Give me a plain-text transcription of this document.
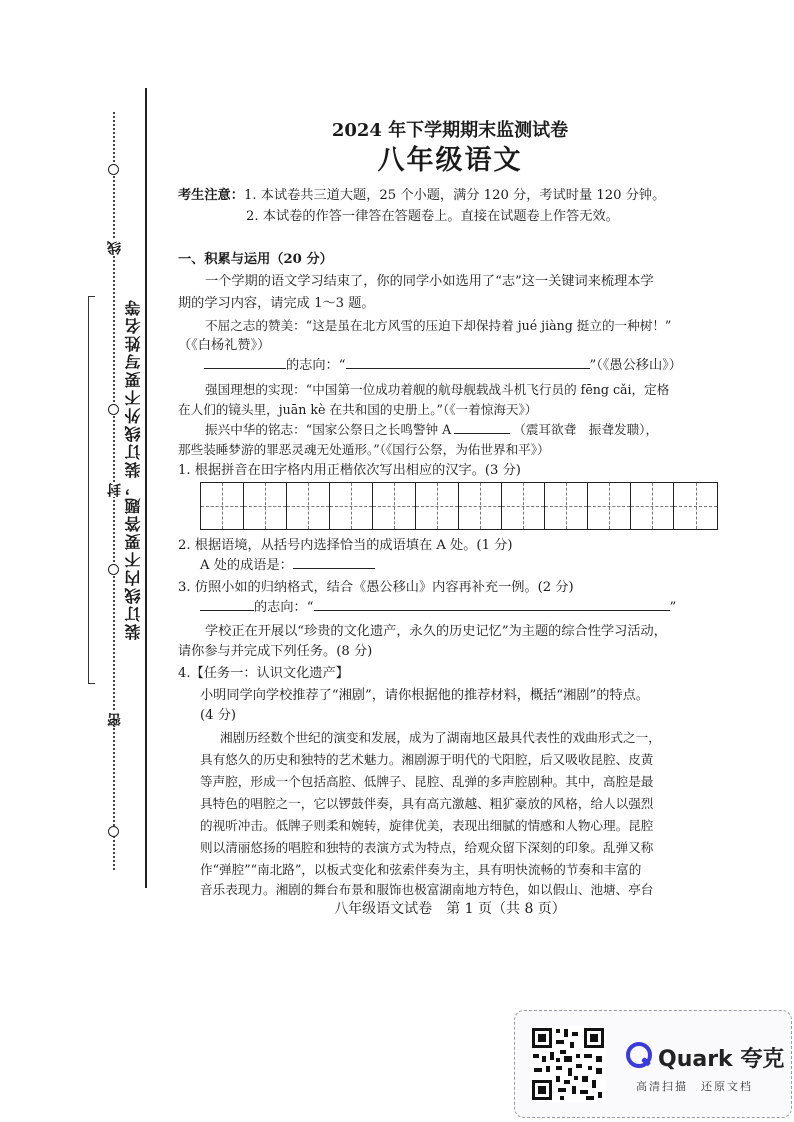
线
封
密
装订线内不要答题，装订线外不要写姓名等
2024 年下学期期末监测试卷
八年级语文
考生注意：1. 本试卷共三道大题，25 个小题，满分 120 分，考试时量 120 分钟。
2. 本试卷的作答一律答在答题卷上。直接在试题卷上作答无效。
一、积累与运用（20 分）
一个学期的语文学习结束了，你的同学小如选用了“志”这一关键词来梳理本学
期的学习内容，请完成 1～3 题。
不屈之志的赞美：“这是虽在北方风雪的压迫下却保持着 jué jiàng 挺立的一种树！”
（《白杨礼赞》）
的志向：“	”（《愚公移山》）
强国理想的实现：“中国第一位成功着舰的航母舰载战斗机飞行员的 fēng cǎi，定格
在人们的镜头里，juān kè 在共和国的史册上。”（《一着惊海天》）
振兴中华的铭志：“国家公祭日之长鸣警钟 A	（震耳欲聋　振聋发聩），
那些装睡梦游的罪恶灵魂无处遁形。”（《国行公祭，为佑世界和平》）
1. 根据拼音在田字格内用正楷依次写出相应的汉字。(3 分)
2. 根据语境，从括号内选择恰当的成语填在 A 处。(1 分)
A 处的成语是：
3. 仿照小如的归纳格式，结合《愚公移山》内容再补充一例。(2 分)
的志向：“	”
学校正在开展以“珍贵的文化遗产，永久的历史记忆”为主题的综合性学习活动，
请你参与并完成下列任务。(8 分)
4.【任务一：认识文化遗产】
小明同学向学校推荐了“湘剧”，请你根据他的推荐材料，概括“湘剧”的特点。
(4 分)
湘剧历经数个世纪的演变和发展，成为了湖南地区最具代表性的戏曲形式之一，
具有悠久的历史和独特的艺术魅力。湘剧源于明代的弋阳腔，后又吸收昆腔、皮黄
等声腔，形成一个包括高腔、低牌子、昆腔、乱弹的多声腔剧种。其中，高腔是最
具特色的唱腔之一，它以锣鼓伴奏，具有高亢激越、粗犷豪放的风格，给人以强烈
的视听冲击。低牌子则柔和婉转，旋律优美，表现出细腻的情感和人物心理。昆腔
则以清丽悠扬的唱腔和独特的表演方式为特点，给观众留下深刻的印象。乱弹又称
作“弹腔”“南北路”，以板式变化和弦索伴奏为主，具有明快流畅的节奏和丰富的
音乐表现力。湘剧的舞台布景和服饰也极富湖南地方特色，如以假山、池塘、亭台
八年级语文试卷　第 1 页（共 8 页）
Quark 夸克
高清扫描　还原文档
